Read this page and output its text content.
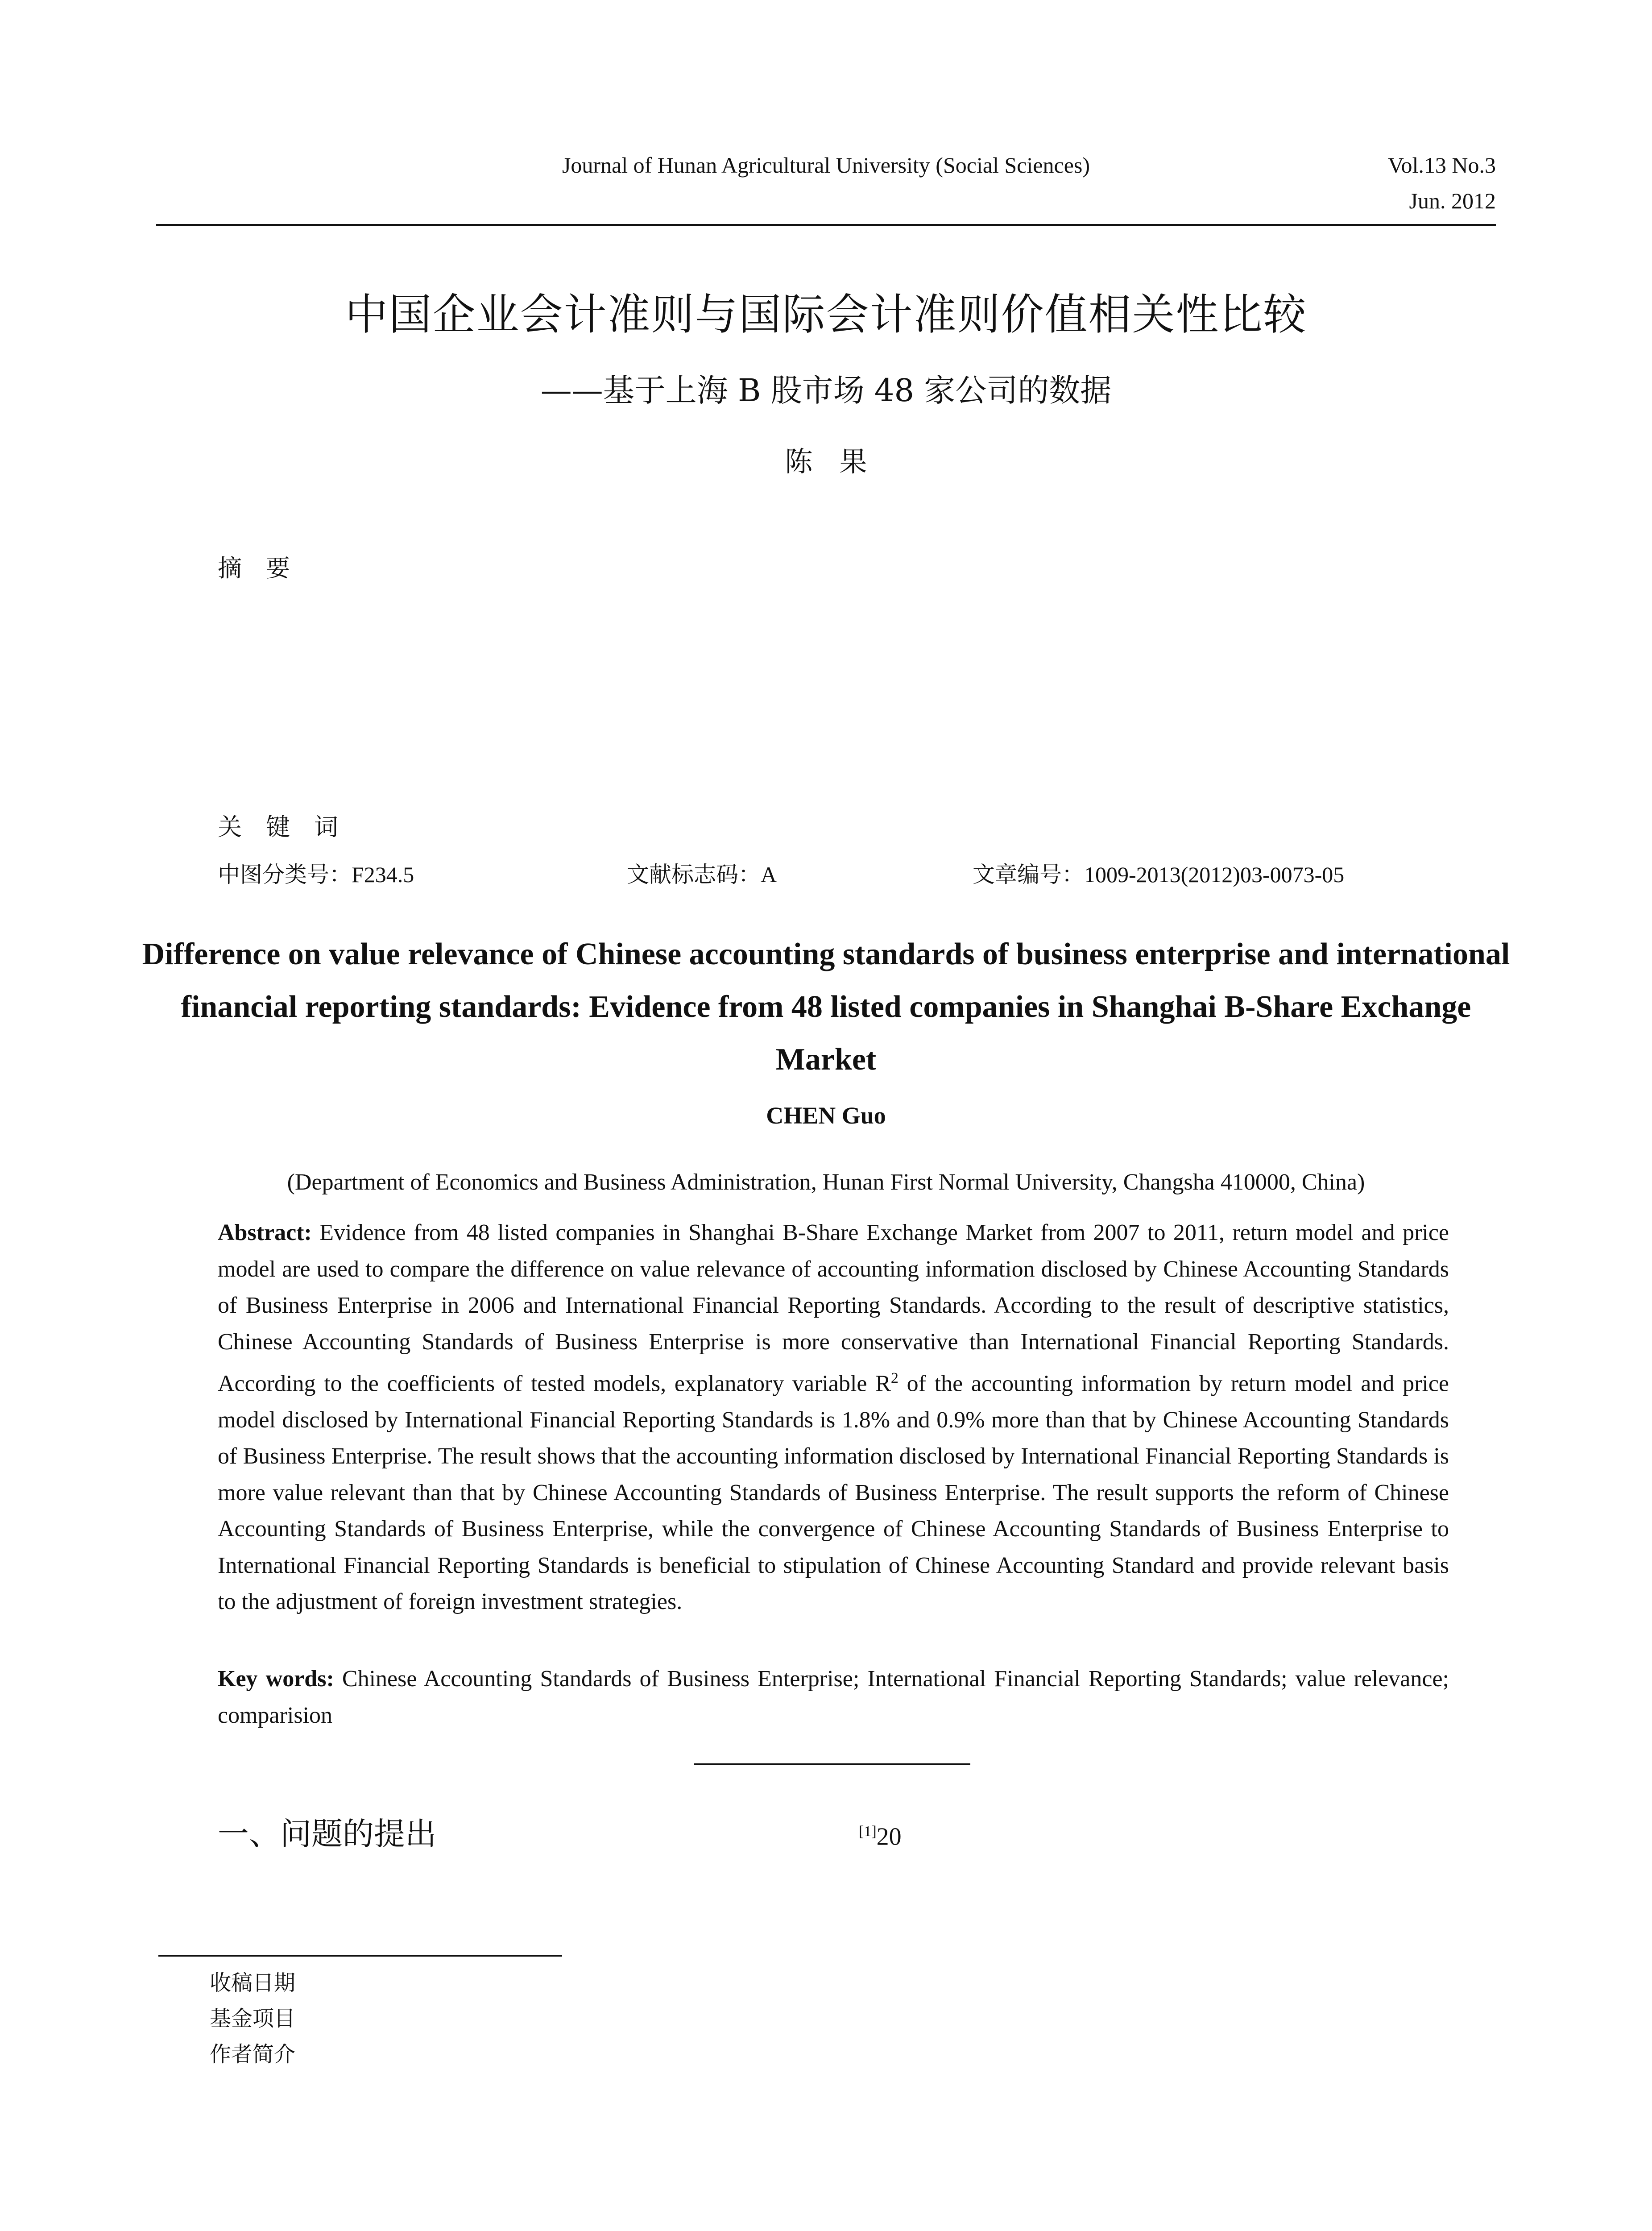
Journal of Hunan Agricultural University (Social Sciences)	Vol.13 No.3
Jun. 2012
中国企业会计准则与国际会计准则价值相关性比较
——基于上海 B 股市场 48 家公司的数据
陈果
摘　要
关　键　词
中图分类号：F234.5	文献标志码：A	文章编号：1009-2013(2012)03-0073-05
Difference on value relevance of Chinese accounting standards of business enterprise and international financial reporting standards: Evidence from 48 listed companies in Shanghai B-Share Exchange Market
CHEN Guo
(Department of Economics and Business Administration, Hunan First Normal University, Changsha 410000, China)
Abstract: Evidence from 48 listed companies in Shanghai B-Share Exchange Market from 2007 to 2011, return model and price model are used to compare the difference on value relevance of accounting information disclosed by Chinese Accounting Standards of Business Enterprise in 2006 and International Financial Reporting Standards. According to the result of descriptive statistics, Chinese Accounting Standards of Business Enterprise is more conservative than International Financial Reporting Standards. According to the coefficients of tested models, explanatory variable $R^2$ of the accounting information by return model and price model disclosed by International Financial Reporting Standards is 1.8% and 0.9% more than that by Chinese Accounting Standards of Business Enterprise. The result shows that the accounting information disclosed by International Financial Reporting Standards is more value relevant than that by Chinese Accounting Standards of Business Enterprise. The result supports the reform of Chinese Accounting Standards of Business Enterprise, while the convergence of Chinese Accounting Standards of Business Enterprise to International Financial Reporting Standards is beneficial to stipulation of Chinese Accounting Standard and provide relevant basis to the adjustment of foreign investment strategies.
Key words: Chinese Accounting Standards of Business Enterprise; International Financial Reporting Standards; value relevance; comparision
一、问题的提出
收稿日期
基金项目
作者简介
[1]20
